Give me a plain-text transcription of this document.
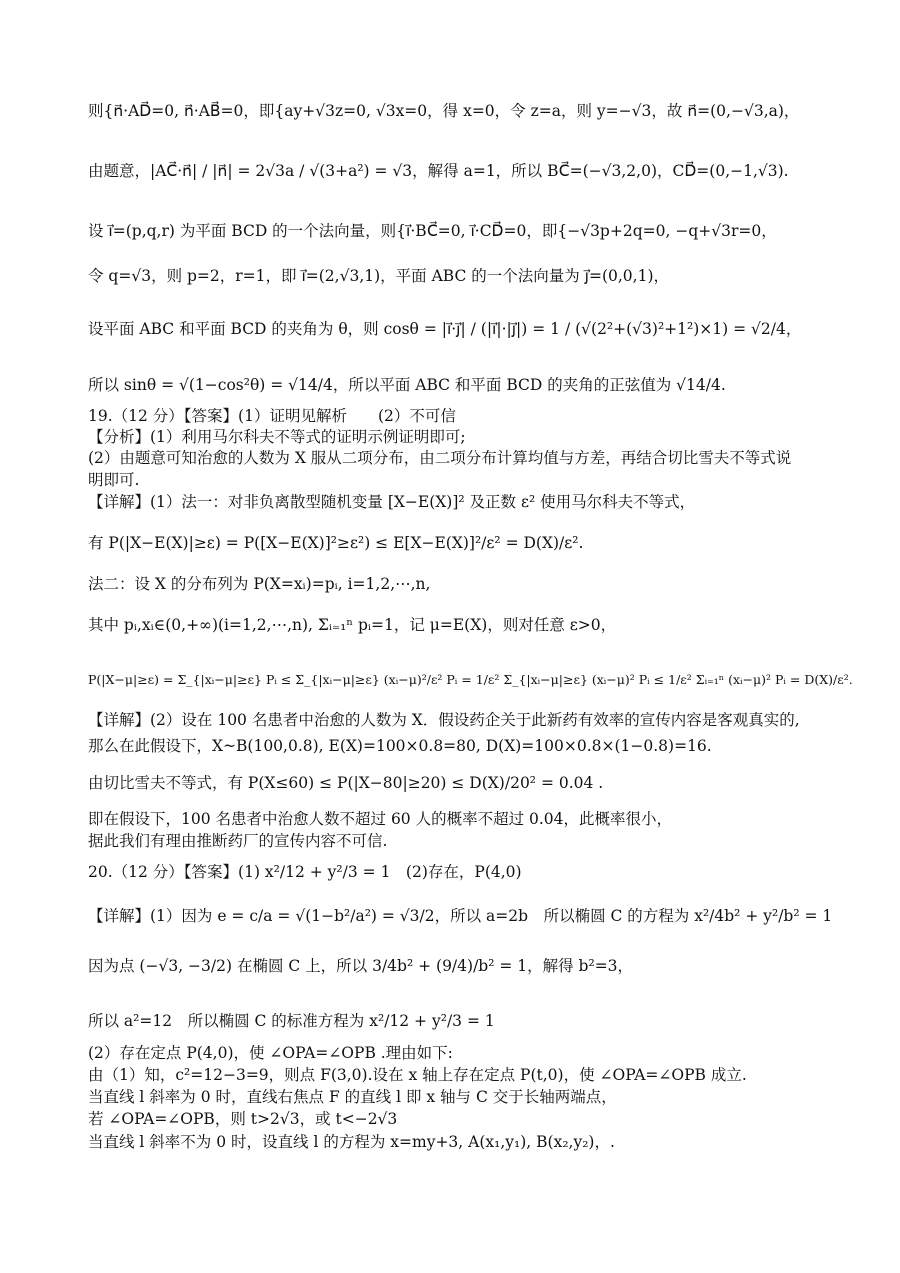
则{n⃗·AD⃗=0, n⃗·AB⃗=0，即{ay+√3z=0, √3x=0，得 x=0，令 z=a，则 y=−√3，故 n⃗=(0,−√3,a)，
由题意，|AC⃗·n⃗| / |n⃗| = 2√3a / √(3+a²) = √3，解得 a=1，所以 BC⃗=(−√3,2,0)，CD⃗=(0,−1,√3).
设 i⃗=(p,q,r) 为平面 BCD 的一个法向量，则{i⃗·BC⃗=0, i⃗·CD⃗=0，即{−√3p+2q=0, −q+√3r=0，
令 q=√3，则 p=2，r=1，即 i⃗=(2,√3,1)，平面 ABC 的一个法向量为 j⃗=(0,0,1)，
设平面 ABC 和平面 BCD 的夹角为 θ，则 cosθ = |i⃗·j⃗| / (|i⃗|·|j⃗|) = 1 / (√(2²+(√3)²+1²)×1) = √2/4，
所以 sinθ = √(1−cos²θ) = √14/4，所以平面 ABC 和平面 BCD 的夹角的正弦值为 √14/4.
19.（12 分）【答案】(1）证明见解析　　(2）不可信
【分析】(1）利用马尔科夫不等式的证明示例证明即可;
(2）由题意可知治愈的人数为 X 服从二项分布，由二项分布计算均值与方差，再结合切比雪夫不等式说
明即可.
【详解】(1）法一：对非负离散型随机变量 [X−E(X)]² 及正数 ε² 使用马尔科夫不等式，
有 P(|X−E(X)|≥ε) = P([X−E(X)]²≥ε²) ≤ E[X−E(X)]²/ε² = D(X)/ε².
法二：设 X 的分布列为 P(X=xᵢ)=pᵢ, i=1,2,⋯,n,
其中 pᵢ,xᵢ∈(0,+∞)(i=1,2,⋯,n), Σᵢ₌₁ⁿ pᵢ=1，记 μ=E(X)，则对任意 ε>0，
P(|X−μ|≥ε) = Σ_{|xᵢ−μ|≥ε} Pᵢ ≤ Σ_{|xᵢ−μ|≥ε} (xᵢ−μ)²/ε² Pᵢ = 1/ε² Σ_{|xᵢ−μ|≥ε} (xᵢ−μ)² Pᵢ ≤ 1/ε² Σᵢ₌₁ⁿ (xᵢ−μ)² Pᵢ = D(X)/ε².
【详解】(2）设在 100 名患者中治愈的人数为 X．假设药企关于此新药有效率的宣传内容是客观真实的,
那么在此假设下，X~B(100,0.8), E(X)=100×0.8=80, D(X)=100×0.8×(1−0.8)=16.
由切比雪夫不等式，有 P(X≤60) ≤ P(|X−80|≥20) ≤ D(X)/20² = 0.04 .
即在假设下，100 名患者中治愈人数不超过 60 人的概率不超过 0.04，此概率很小，
据此我们有理由推断药厂的宣传内容不可信.
20.（12 分）【答案】(1) x²/12 + y²/3 = 1　(2)存在，P(4,0)
【详解】(1）因为 e = c/a = √(1−b²/a²) = √3/2，所以 a=2b　所以椭圆 C 的方程为 x²/4b² + y²/b² = 1
因为点 (−√3, −3/2) 在椭圆 C 上，所以 3/4b² + (9/4)/b² = 1，解得 b²=3，
所以 a²=12　所以椭圆 C 的标准方程为 x²/12 + y²/3 = 1
(2）存在定点 P(4,0)，使 ∠OPA=∠OPB .理由如下:
由（1）知，c²=12−3=9，则点 F(3,0).设在 x 轴上存在定点 P(t,0)，使 ∠OPA=∠OPB 成立.
当直线 l 斜率为 0 时，直线右焦点 F 的直线 l 即 x 轴与 C 交于长轴两端点，
若 ∠OPA=∠OPB，则 t>2√3，或 t<−2√3
当直线 l 斜率不为 0 时，设直线 l 的方程为 x=my+3, A(x₁,y₁), B(x₂,y₂)，.
